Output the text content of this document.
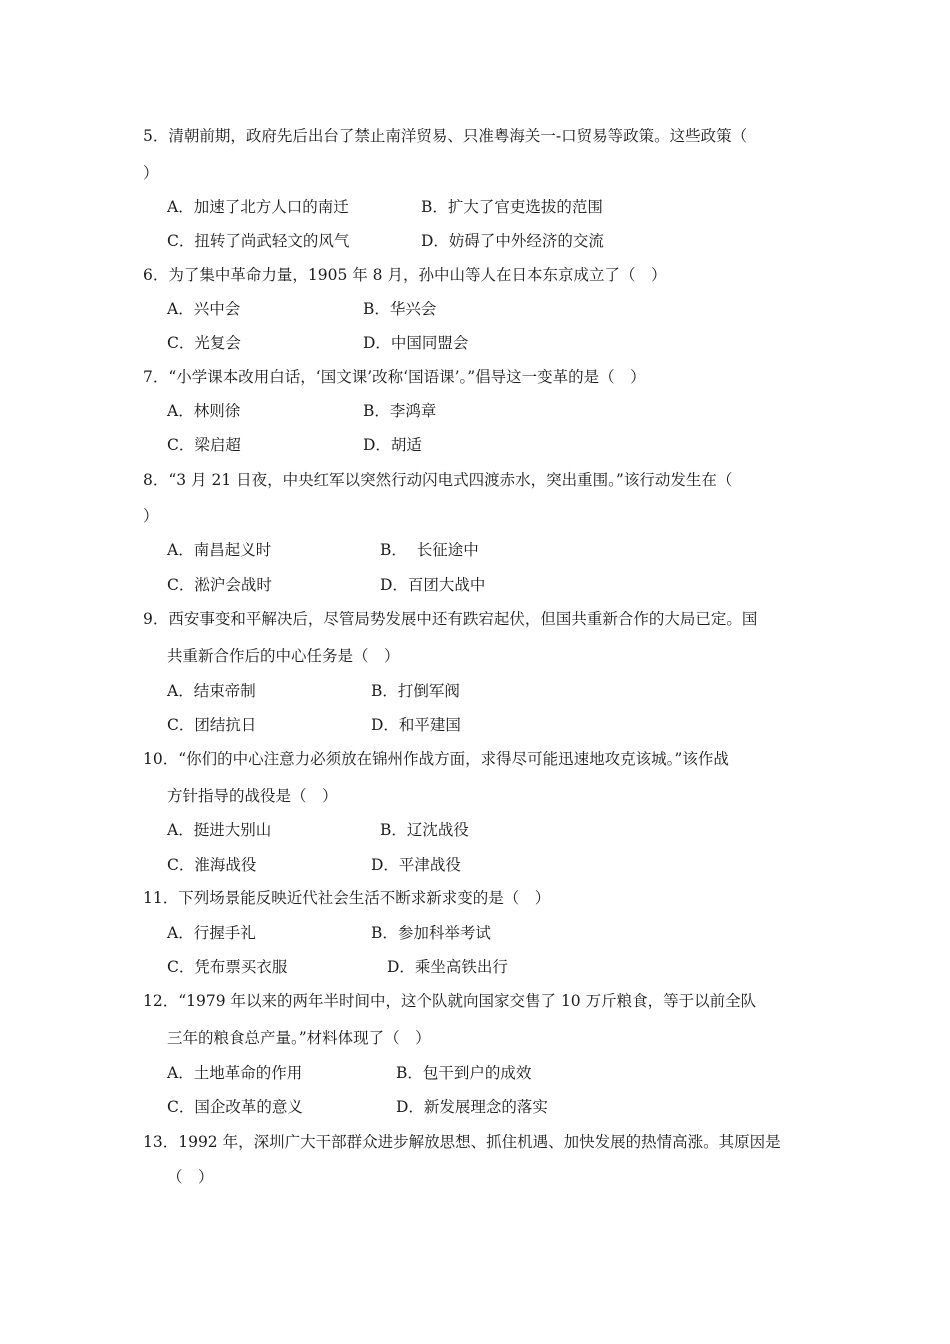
5．清朝前期，政府先后出台了禁止南洋贸易、只准粤海关一-口贸易等政策。这些政策（
）
A．加速了北方人口的南迁	B．扩大了官吏选拔的范围
C．扭转了尚武轻文的风气	D．妨碍了中外经济的交流
6．为了集中革命力量，1905 年 8 月，孙中山等人在日本东京成立了（　）
A．兴中会	B．华兴会
C．光复会	D．中国同盟会
7．“小学课本改用白话，‘国文课’改称‘国语课’。”倡导这一变革的是（　）
A．林则徐	B．李鸿章
C．梁启超	D．胡适
8．“3 月 21 日夜，中央红军以突然行动闪电式四渡赤水，突出重围。”该行动发生在（
）
A．南昌起义时	B．  长征途中
C．淞沪会战时	D．百团大战中
9．西安事变和平解决后，尽管局势发展中还有跌宕起伏，但国共重新合作的大局已定。国
共重新合作后的中心任务是（　）
A．结束帝制	B．打倒军阀
C．团结抗日	D．和平建国
10．“你们的中心注意力必须放在锦州作战方面，求得尽可能迅速地攻克该城。”该作战
方针指导的战役是（　）
A．挺进大别山	B．辽沈战役
C．淮海战役	D．平津战役
11．下列场景能反映近代社会生活不断求新求变的是（　）
A．行握手礼	B．参加科举考试
C．凭布票买衣服	D．乘坐高铁出行
12．“1979 年以来的两年半时间中，这个队就向国家交售了 10 万斤粮食，等于以前全队
三年的粮食总产量。”材料体现了（　）
A．土地革命的作用	B．包干到户的成效
C．国企改革的意义	D．新发展理念的落实
13．1992 年，深圳广大干部群众进步解放思想、抓住机遇、加快发展的热情高涨。其原因是
（　）
